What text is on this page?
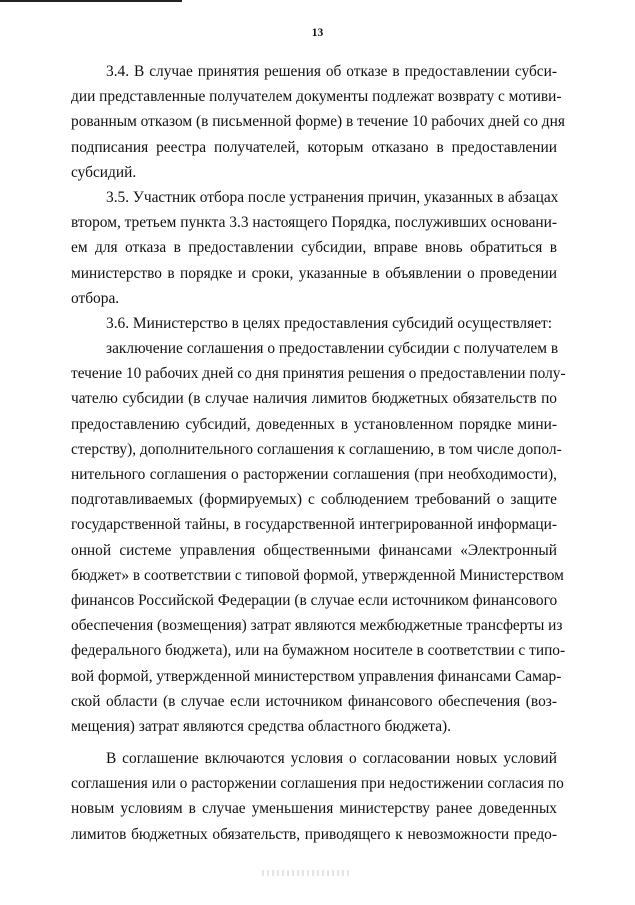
13
3.4. В случае принятия решения об отказе в предоставлении субси-
дии представленные получателем документы подлежат возврату с мотиви-
рованным отказом (в письменной форме) в течение 10 рабочих дней со дня
подписания реестра получателей, которым отказано в предоставлении
субсидий.
3.5. Участник отбора после устранения причин, указанных в абзацах
втором, третьем пункта 3.3 настоящего Порядка, послуживших основани-
ем для отказа в предоставлении субсидии, вправе вновь обратиться в
министерство в порядке и сроки, указанные в объявлении о проведении
отбора.
3.6. Министерство в целях предоставления субсидий осуществляет:
заключение соглашения о предоставлении субсидии с получателем в
течение 10 рабочих дней со дня принятия решения о предоставлении полу-
чателю субсидии (в случае наличия лимитов бюджетных обязательств по
предоставлению субсидий, доведенных в установленном порядке мини-
стерству), дополнительного соглашения к соглашению, в том числе допол-
нительного соглашения о расторжении соглашения (при необходимости),
подготавливаемых (формируемых) с соблюдением требований о защите
государственной тайны, в государственной интегрированной информаци-
онной системе управления общественными финансами «Электронный
бюджет» в соответствии с типовой формой, утвержденной Министерством
финансов Российской Федерации (в случае если источником финансового
обеспечения (возмещения) затрат являются межбюджетные трансферты из
федерального бюджета), или на бумажном носителе в соответствии с типо-
вой формой, утвержденной министерством управления финансами Самар-
ской области (в случае если источником финансового обеспечения (воз-
мещения) затрат являются средства областного бюджета).
В соглашение включаются условия о согласовании новых условий
соглашения или о расторжении соглашения при недостижении согласия по
новым условиям в случае уменьшения министерству ранее доведенных
лимитов бюджетных обязательств, приводящего к невозможности предо-
